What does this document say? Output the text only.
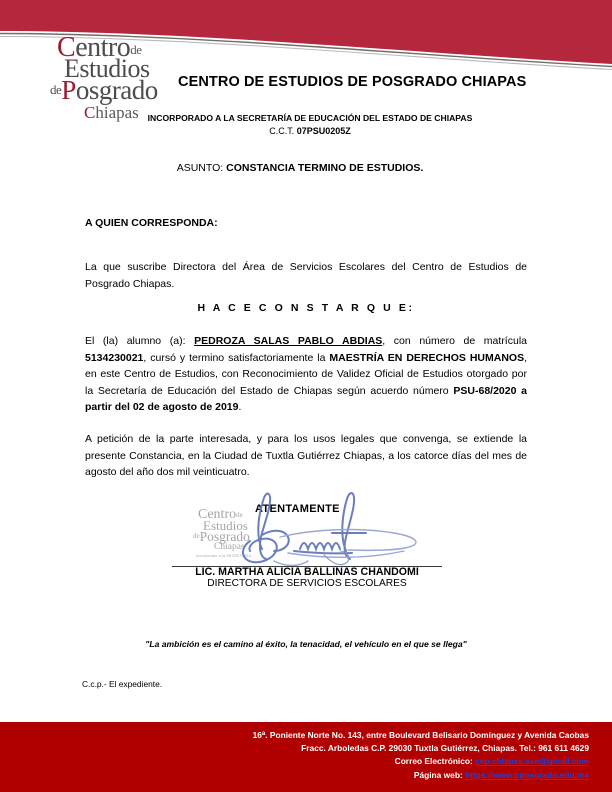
Centrode
Estudios
dePosgrado
Chiapas
CENTRO DE ESTUDIOS DE POSGRADO CHIAPAS
INCORPORADO A LA SECRETARÍA DE EDUCACIÓN DEL ESTADO DE CHIAPAS
C.C.T. 07PSU0205Z
ASUNTO: CONSTANCIA TERMINO DE ESTUDIOS.
A QUIEN CORRESPONDA:
La que suscribe Directora del Área de Servicios Escolares del Centro de Estudios de Posgrado Chiapas.
H A C E C O N S T A R Q U E:
El (la) alumno (a): PEDROZA SALAS PABLO ABDIAS, con número de matrícula 5134230021, cursó y termino satisfactoriamente la MAESTRÍA EN DERECHOS HUMANOS, en este Centro de Estudios, con Reconocimiento de Validez Oficial de Estudios otorgado por la Secretaría de Educación del Estado de Chiapas según acuerdo número PSU-68/2020 a partir del 02 de agosto de 2019.
A petición de la parte interesada, y para los usos legales que convenga, se extiende la presente Constancia, en la Ciudad de Tuxtla Gutiérrez Chiapas, a los catorce días del mes de agosto del año dos mil veinticuatro.
ATENTAMENTE
Centrode
Estudios
$^{de}$Posgrado
Chiapas
Incorporado a la SECRETARÍA
LIC. MARTHA ALICIA BALLINAS CHANDOMI
DIRECTORA DE SERVICIOS ESCOLARES
"La ambición es el camino al éxito, la tenacidad, el vehículo en el que se llega"
C.c.p.- El expediente.
16$^a$. Poniente Norte No. 143, entre Boulevard Belisario Domínguez y Avenida Caobas
Fracc. Arboledas C.P. 29030 Tuxtla Gutiérrez, Chiapas. Tel.: 961 611 4629
Correo Electrónico: cep.chiapas.sse@gmail.com
Página web: https://www.cposgrado.edu.mx
